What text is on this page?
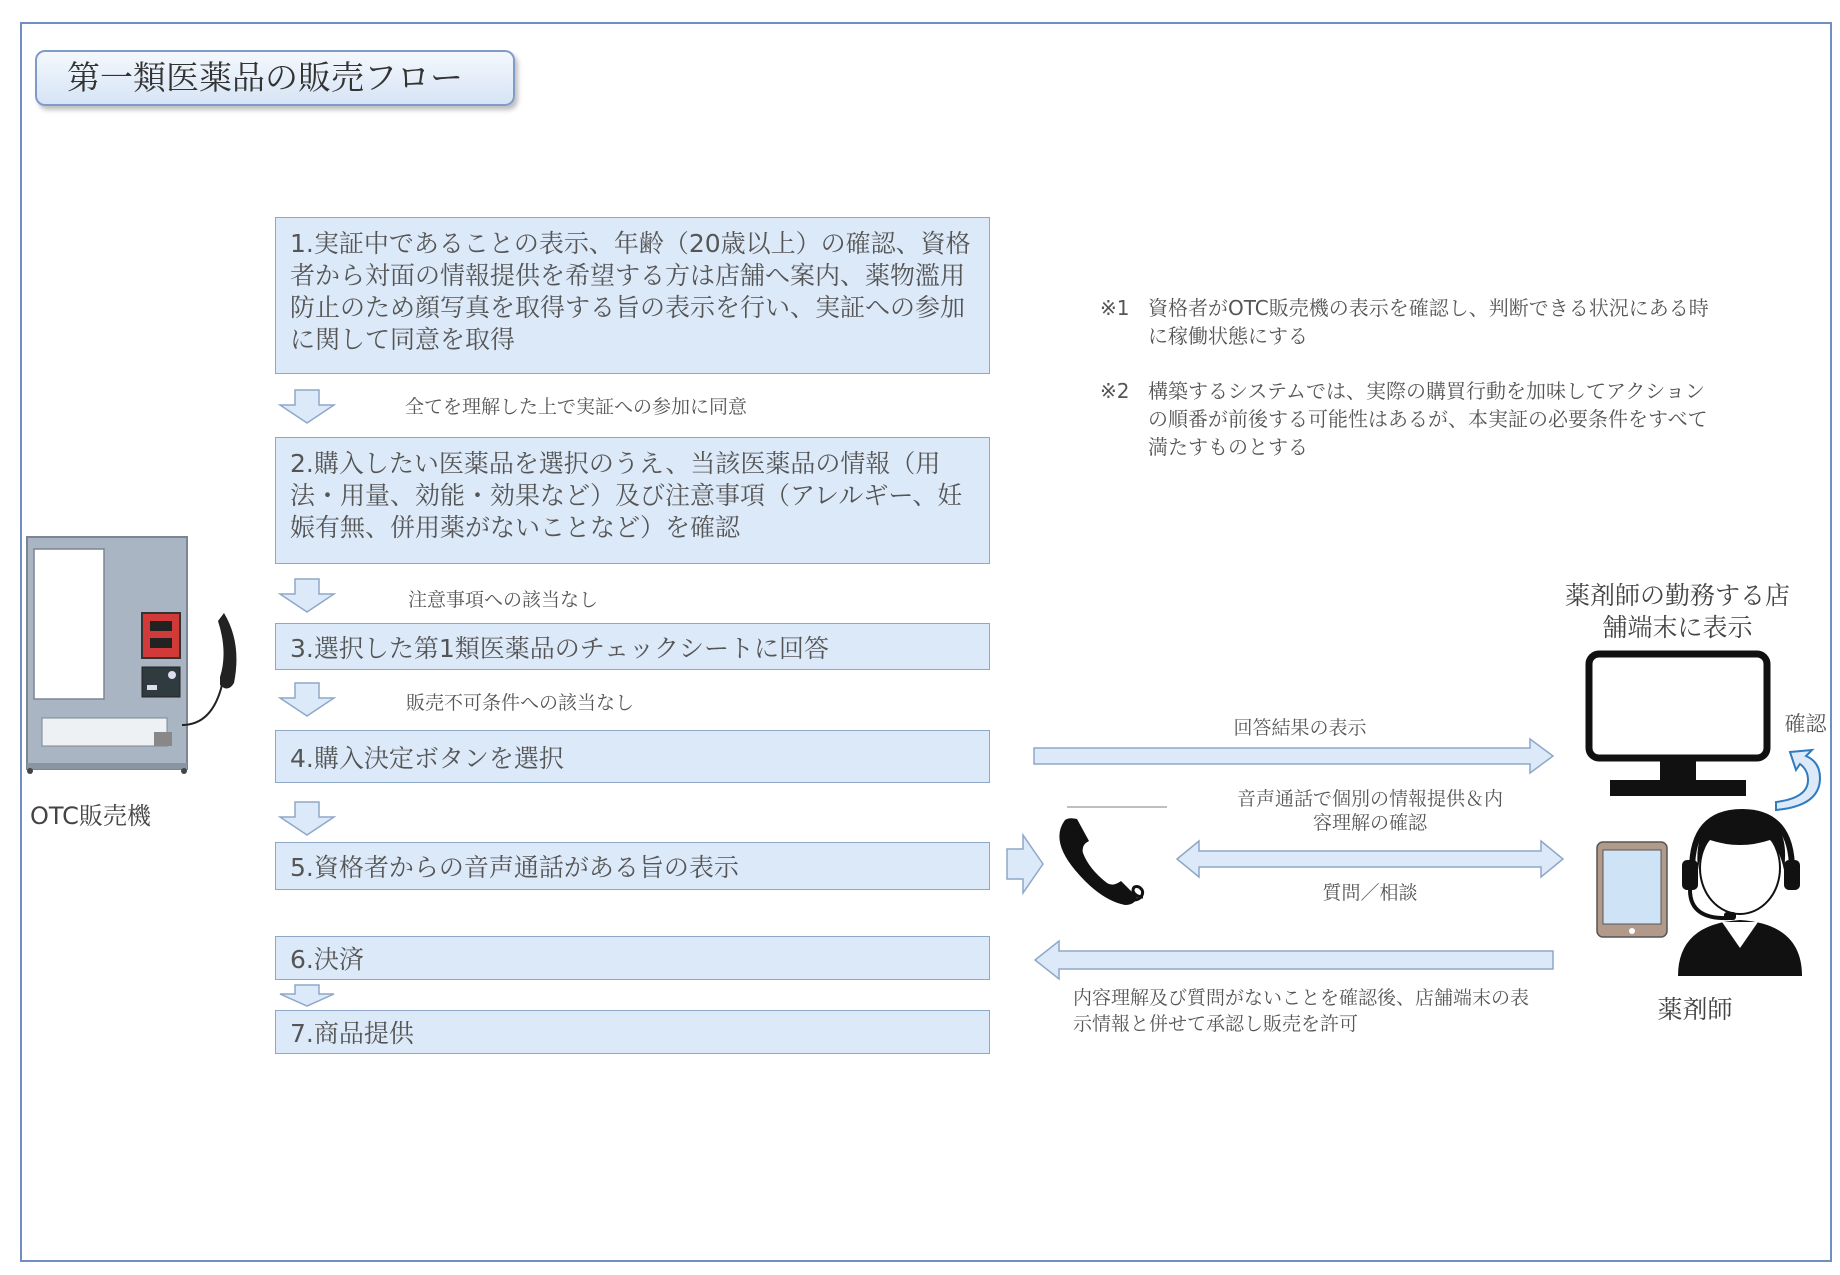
第一類医薬品の販売フロー
OTC販売機
1.実証中であることの表示、年齢（20歳以上）の確認、資格者から対面の情報提供を希望する方は店舗へ案内、薬物濫用防止のため顔写真を取得する旨の表示を行い、実証への参加に関して同意を取得
2.購入したい医薬品を選択のうえ、当該医薬品の情報（用法・用量、効能・効果など）及び注意事項（アレルギー、妊娠有無、併用薬がないことなど）を確認
3.選択した第1類医薬品のチェックシートに回答
4.購入決定ボタンを選択
5.資格者からの音声通話がある旨の表示
6.決済
7.商品提供
全てを理解した上で実証への参加に同意
注意事項への該当なし
販売不可条件への該当なし
※1 資格者がOTC販売機の表示を確認し、判断できる状況にある時に稼働状態にする
※2 構築するシステムでは、実際の購買行動を加味してアクションの順番が前後する可能性はあるが、本実証の必要条件をすべて満たすものとする
回答結果の表示
音声通話で個別の情報提供＆内容理解の確認
質問／相談
内容理解及び質問がないことを確認後、店舗端末の表示情報と併せて承認し販売を許可
薬剤師の勤務する店舗端末に表示
確認
薬剤師
